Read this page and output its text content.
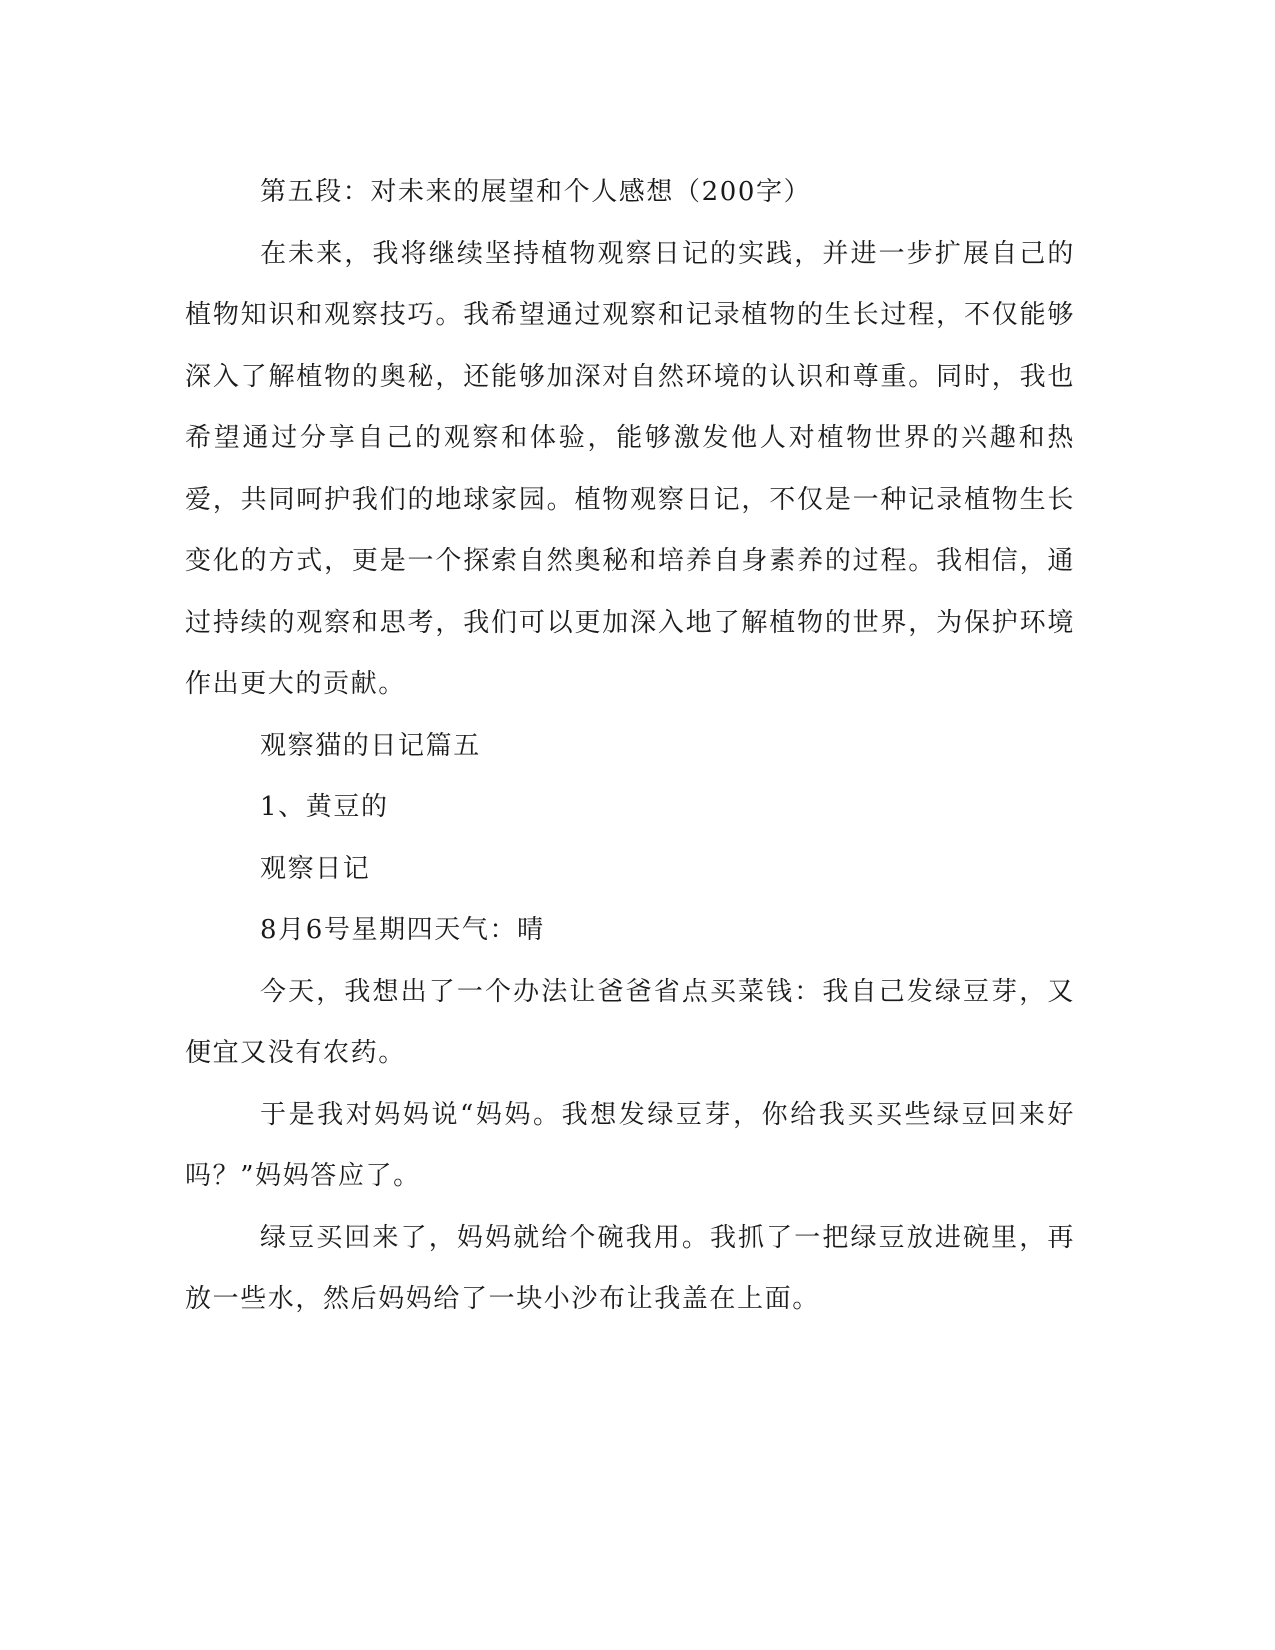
第五段：对未来的展望和个人感想（200字）

在未来，我将继续坚持植物观察日记的实践，并进一步扩展自己的植物知识和观察技巧。我希望通过观察和记录植物的生长过程，不仅能够深入了解植物的奥秘，还能够加深对自然环境的认识和尊重。同时，我也希望通过分享自己的观察和体验，能够激发他人对植物世界的兴趣和热爱，共同呵护我们的地球家园。植物观察日记，不仅是一种记录植物生长变化的方式，更是一个探索自然奥秘和培养自身素养的过程。我相信，通过持续的观察和思考，我们可以更加深入地了解植物的世界，为保护环境作出更大的贡献。

观察猫的日记篇五

1、黄豆的

观察日记

8月6号星期四天气：晴

今天，我想出了一个办法让爸爸省点买菜钱：我自己发绿豆芽，又便宜又没有农药。

于是我对妈妈说“妈妈。我想发绿豆芽，你给我买买些绿豆回来好吗？”妈妈答应了。

绿豆买回来了，妈妈就给个碗我用。我抓了一把绿豆放进碗里，再放一些水，然后妈妈给了一块小沙布让我盖在上面。
